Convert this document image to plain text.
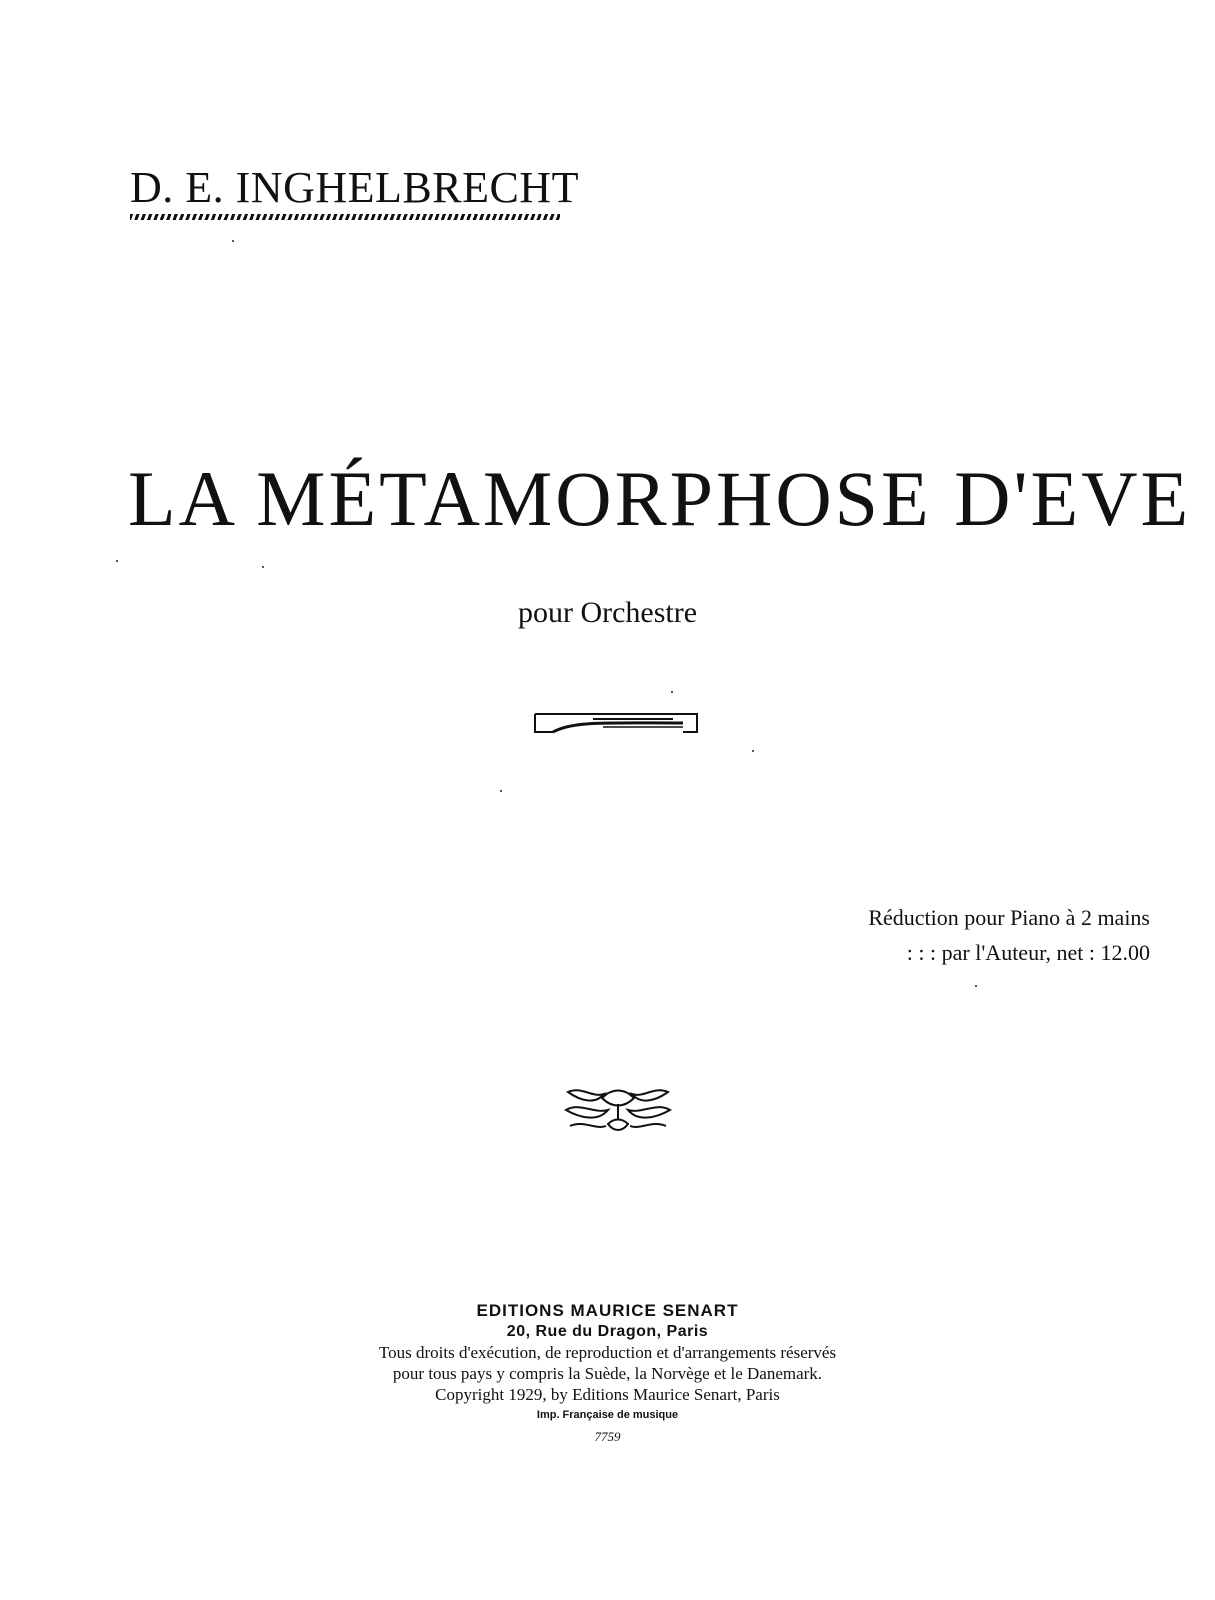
D. E. INGHELBRECHT
LA MÉTAMORPHOSE D'EVE
pour Orchestre
Réduction pour Piano à 2 mains
: : : par l'Auteur, net : 12.00
EDITIONS MAURICE SENART
20, Rue du Dragon, Paris
Tous droits d'exécution, de reproduction et d'arrangements réservés
pour tous pays y compris la Suède, la Norvège et le Danemark.
Copyright 1929, by Editions Maurice Senart, Paris
Imp. Française de musique
7759
